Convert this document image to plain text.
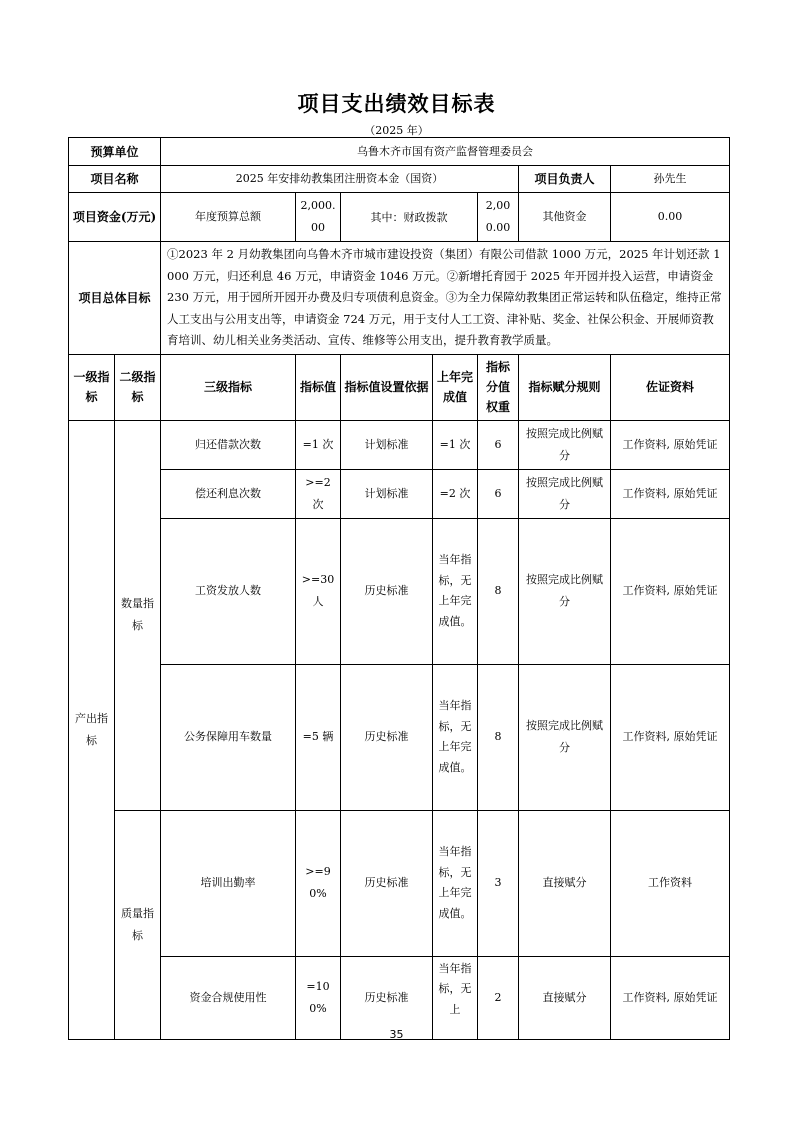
项目支出绩效目标表
（2025 年）
预算单位		乌鲁木齐市国有资产监督管理委员会						
项目名称		2025 年安排幼教集团注册资本金（国资）					项目负责人	孙先生
项目资金(万元)		年度预算总额	2,000.00	其中：财政拨款		2,000.00	其他资金	0.00
项目总体目标		①2023 年 2 月幼教集团向乌鲁木齐市城市建设投资（集团）有限公司借款 1000 万元，2025 年计划还款 1000 万元，归还利息 46 万元，申请资金 1046 万元。②新增托育园于 2025 年开园并投入运营，申请资金 230 万元，用于园所开园开办费及归专项债利息资金。③为全力保障幼教集团正常运转和队伍稳定，维持正常人工支出与公用支出等，申请资金 724 万元，用于支付人工工资、津补贴、奖金、社保公积金、开展师资教育培训、幼儿相关业务类活动、宣传、维修等公用支出，提升教育教学质量。						
一级指标	二级指标	三级指标	指标值	指标值设置依据	上年完成值	指标分值权重	指标赋分规则	佐证资料
产出指标	数量指标	归还借款次数	=1 次	计划标准	=1 次	6	按照完成比例赋分	工作资料, 原始凭证
		偿还利息次数	>=2 次	计划标准	=2 次	6	按照完成比例赋分	工作资料, 原始凭证
		工资发放人数	>=30 人	历史标准	当年指标，无上年完成值。	8	按照完成比例赋分	工作资料, 原始凭证
		公务保障用车数量	=5 辆	历史标准	当年指标，无上年完成值。	8	按照完成比例赋分	工作资料, 原始凭证
	质量指标	培训出勤率	>=90%	历史标准	当年指标，无上年完成值。	3	直接赋分	工作资料
		资金合规使用性	=100%	历史标准	当年指标，无上	2	直接赋分	工作资料, 原始凭证
35
